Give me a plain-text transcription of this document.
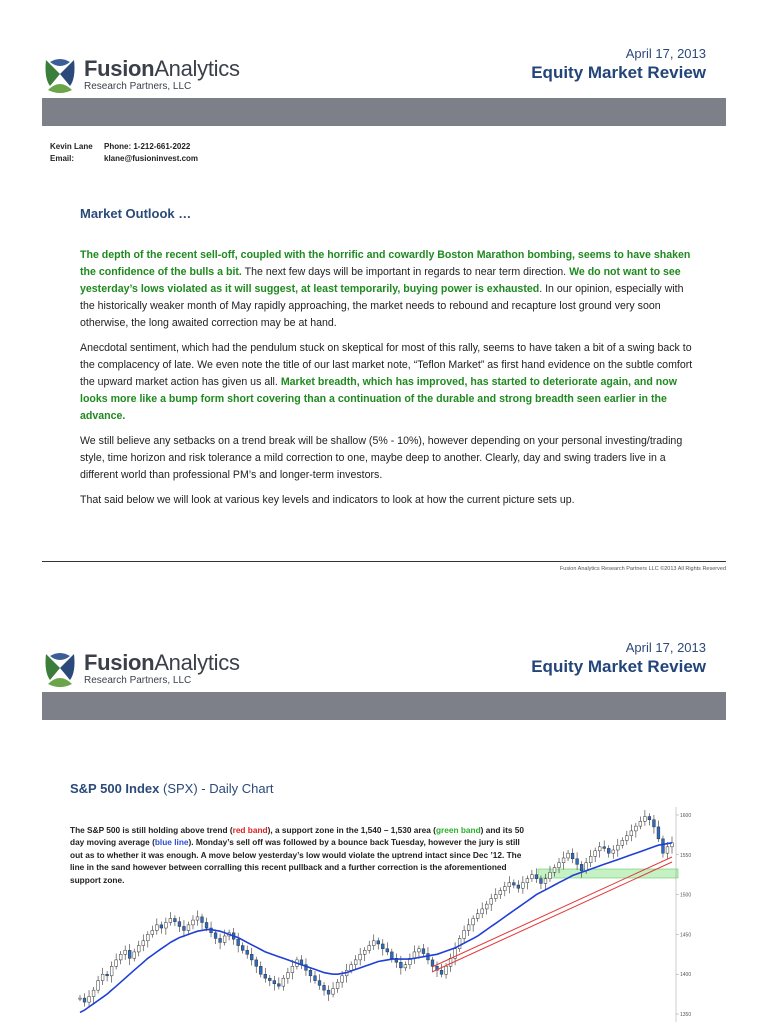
FusionAnalytics
Research Partners, LLC
April 17, 2013
Equity Market Review
Kevin Lane Phone: 1-212-661-2022
Email:	klane@fusioninvest.com
Market Outlook …

The depth of the recent sell-off, coupled with the horrific and cowardly Boston Marathon bombing, seems to have shaken the confidence of the bulls a bit. The next few days will be important in regards to near term direction. We do not want to see yesterday’s lows violated as it will suggest, at least temporarily, buying power is exhausted. In our opinion, especially with the historically weaker month of May rapidly approaching, the market needs to rebound and recapture lost ground very soon otherwise, the long awaited correction may be at hand.

Anecdotal sentiment, which had the pendulum stuck on skeptical for most of this rally, seems to have taken a bit of a swing back to the complacency of late. We even note the title of our last market note, “Teflon Market” as first hand evidence on the subtle comfort the upward market action has given us all. Market breadth, which has improved, has started to deteriorate again, and now looks more like a bump form short covering than a continuation of the durable and strong breadth seen earlier in the advance.

We still believe any setbacks on a trend break will be shallow (5% - 10%), however depending on your personal investing/trading style, time horizon and risk tolerance a mild correction to one, maybe deep to another. Clearly, day and swing traders live in a different world than professional PM’s and longer-term investors.

That said below we will look at various key levels and indicators to look at how the current picture sets up.

Fusion Analytics Research Partners LLC ©2013 All Rights Reserved
FusionAnalytics
Research Partners, LLC
April 17, 2013
Equity Market Review
S&P 500 Index (SPX) - Daily Chart
1600
1550
1500
1450
1400
1350
The S&P 500 is still holding above trend (red band), a support zone in the 1,540 – 1,530 area (green band) and its 50 day moving average (blue line). Monday’s sell off was followed by a bounce back Tuesday, however the jury is still out as to whether it was enough. A move below yesterday’s low would violate the uptrend intact since Dec ’12. The line in the sand however between corralling this recent pullback and a further correction is the aforementioned support zone.
